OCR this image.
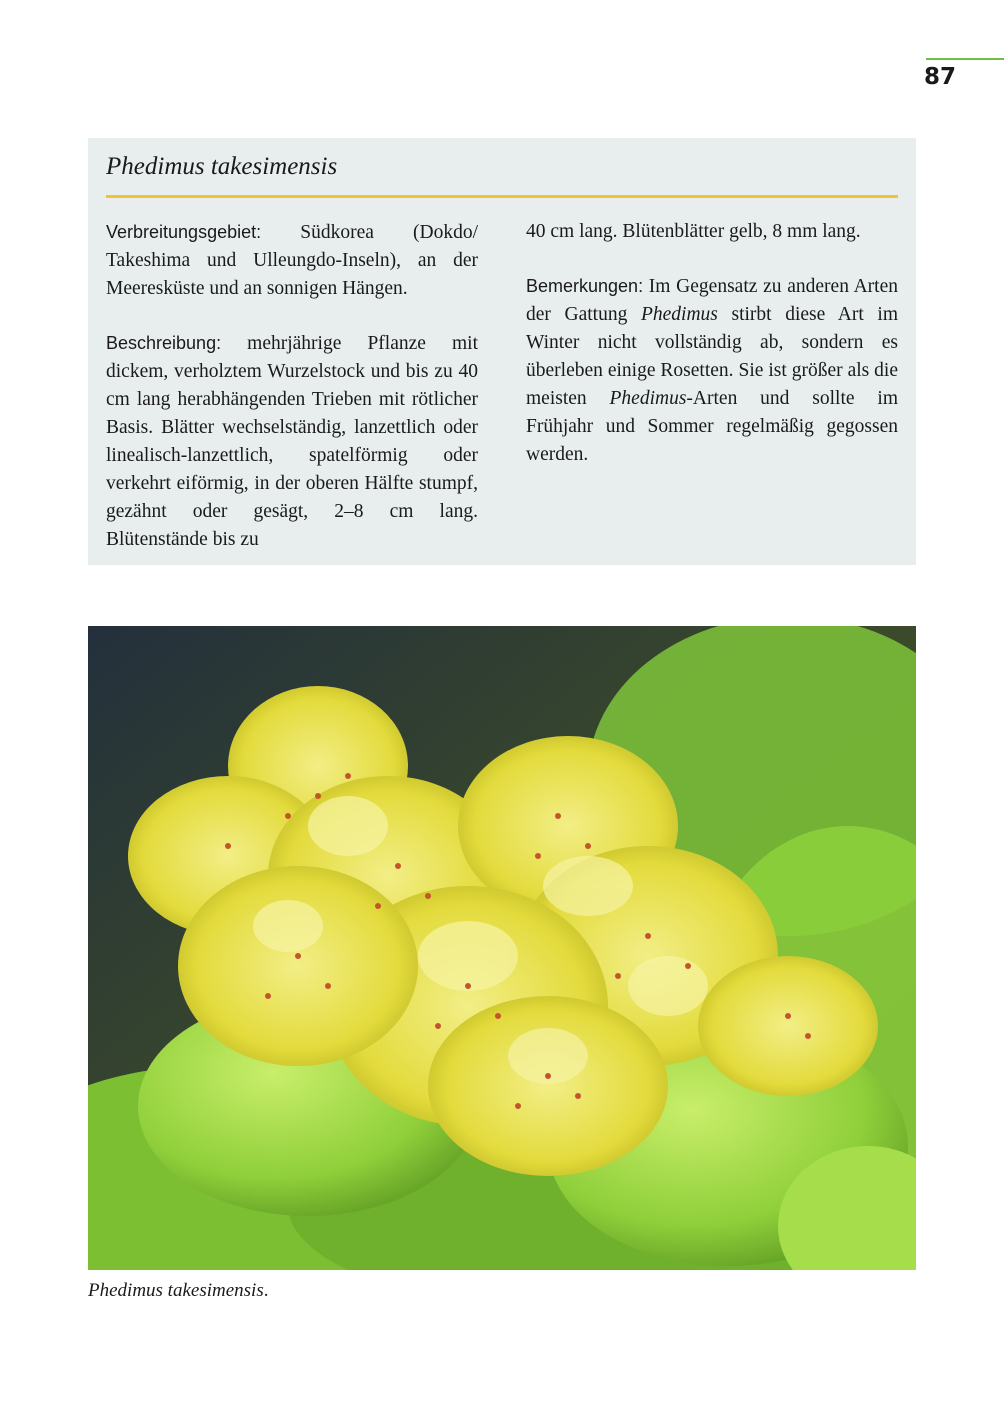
87
Phedimus takesimensis

Verbreitungsgebiet: Südkorea (Dokdo/ Takeshima und Ulleungdo-Inseln), an der Meeresküste und an sonnigen Hängen.

Beschreibung: mehrjährige Pflanze mit dickem, verholztem Wurzelstock und bis zu 40 cm lang herabhängenden Trieben mit rötlicher Basis. Blätter wechselständig, lanzettlich oder linealisch-lanzettlich, spatelförmig oder verkehrt eiförmig, in der oberen Hälfte stumpf, gezähnt oder gesägt, 2–8 cm lang. Blütenstände bis zu

40 cm lang. Blütenblätter gelb, 8 mm lang.

Bemerkungen: Im Gegensatz zu anderen Arten der Gattung Phedimus stirbt diese Art im Winter nicht vollständig ab, sondern es überleben einige Rosetten. Sie ist größer als die meisten Phedimus-Arten und sollte im Frühjahr und Sommer regelmäßig gegossen werden.

Phedimus takesimensis.
